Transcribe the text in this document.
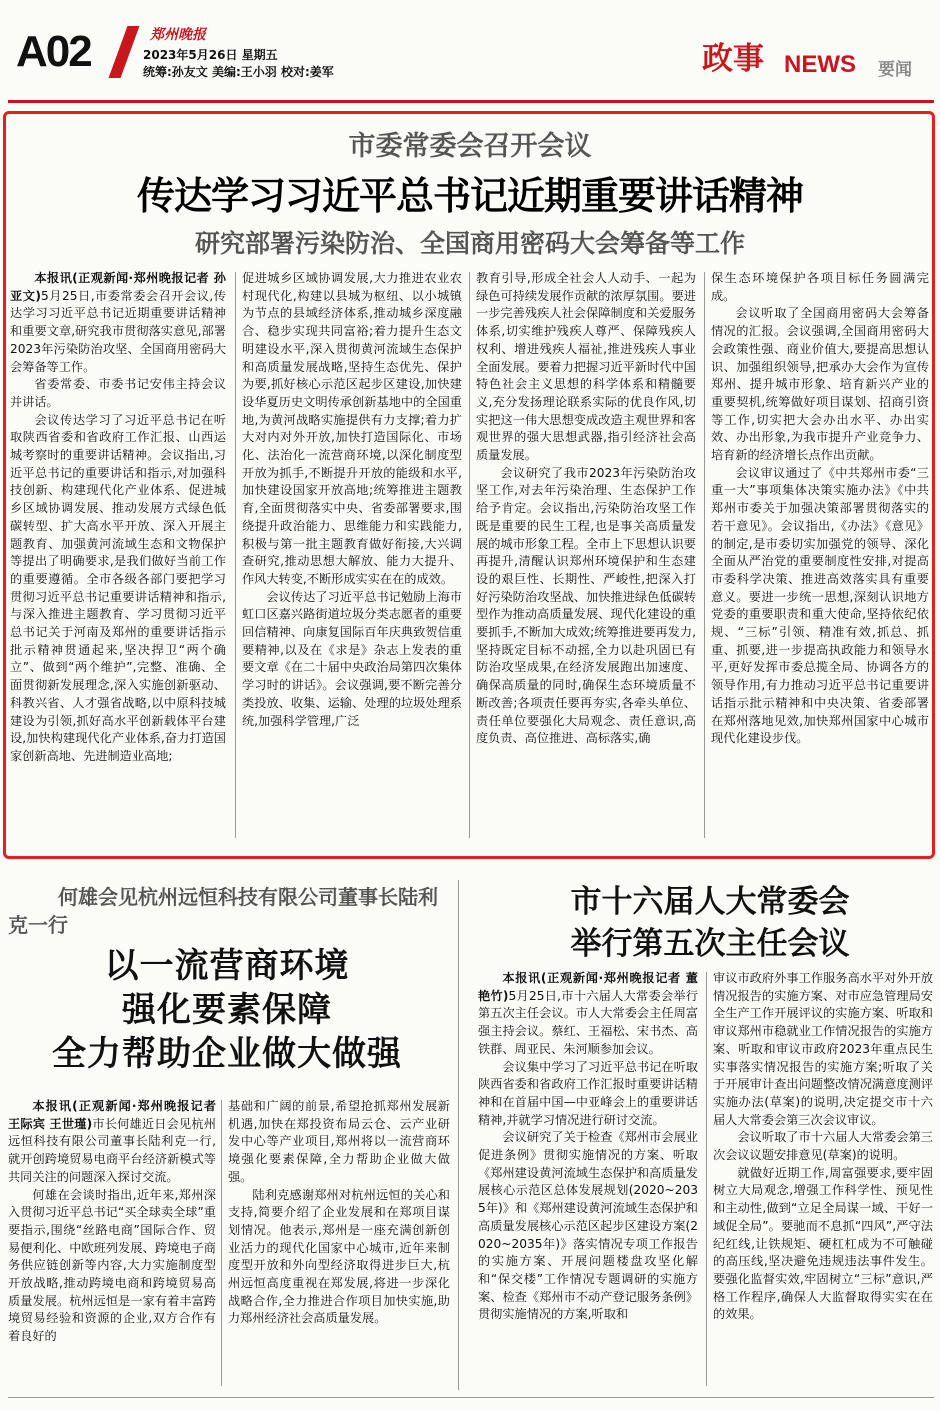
A02	郑州晚报
2023年5月26日 星期五
统筹:孙友文 美编:王小羽 校对:姜军	政事 NEWS 要闻
市委常委会召开会议
传达学习习近平总书记近期重要讲话精神
研究部署污染防治、全国商用密码大会筹备等工作

本报讯(正观新闻·郑州晚报记者 孙亚文)5月25日,市委常委会召开会议,传达学习习近平总书记近期重要讲话精神和重要文章,研究我市贯彻落实意见,部署2023年污染防治攻坚、全国商用密码大会筹备等工作。

省委常委、市委书记安伟主持会议并讲话。

会议传达学习了习近平总书记在听取陕西省委和省政府工作汇报、山西运城考察时的重要讲话精神。会议指出,习近平总书记的重要讲话和指示,对加强科技创新、构建现代化产业体系、促进城乡区域协调发展、推动发展方式绿色低碳转型、扩大高水平开放、深入开展主题教育、加强黄河流域生态和文物保护等提出了明确要求,是我们做好当前工作的重要遵循。全市各级各部门要把学习贯彻习近平总书记重要讲话精神和指示,与深入推进主题教育、学习贯彻习近平总书记关于河南及郑州的重要讲话指示批示精神贯通起来,坚决捍卫“两个确立”、做到“两个维护”,完整、准确、全面贯彻新发展理念,深入实施创新驱动、科教兴省、人才强省战略,以中原科技城建设为引领,抓好高水平创新载体平台建设,加快构建现代化产业体系,奋力打造国家创新高地、先进制造业高地;

促进城乡区域协调发展,大力推进农业农村现代化,构建以县城为枢纽、以小城镇为节点的县域经济体系,推动城乡深度融合、稳步实现共同富裕;着力提升生态文明建设水平,深入贯彻黄河流域生态保护和高质量发展战略,坚持生态优先、保护为要,抓好核心示范区起步区建设,加快建设华夏历史文明传承创新基地中的全国重地,为黄河战略实施提供有力支撑;着力扩大对内对外开放,加快打造国际化、市场化、法治化一流营商环境,以深化制度型开放为抓手,不断提升开放的能级和水平,加快建设国家开放高地;统筹推进主题教育,全面贯彻落实中央、省委部署要求,围绕提升政治能力、思维能力和实践能力,积极与第一批主题教育做好衔接,大兴调查研究,推动思想大解放、能力大提升、作风大转变,不断形成实实在在的成效。

会议传达了习近平总书记勉励上海市虹口区嘉兴路街道垃圾分类志愿者的重要回信精神、向康复国际百年庆典致贺信重要精神,以及在《求是》杂志上发表的重要文章《在二十届中央政治局第四次集体学习时的讲话》。会议强调,要不断完善分类投放、收集、运输、处理的垃圾处理系统,加强科学管理,广泛

教育引导,形成全社会人人动手、一起为绿色可持续发展作贡献的浓厚氛围。要进一步完善残疾人社会保障制度和关爱服务体系,切实维护残疾人尊严、保障残疾人权利、增进残疾人福祉,推进残疾人事业全面发展。要着力把握习近平新时代中国特色社会主义思想的科学体系和精髓要义,充分发扬理论联系实际的优良作风,切实把这一伟大思想变成改造主观世界和客观世界的强大思想武器,指引经济社会高质量发展。

会议研究了我市2023年污染防治攻坚工作,对去年污染治理、生态保护工作给予肯定。会议指出,污染防治攻坚工作既是重要的民生工程,也是事关高质量发展的城市形象工程。全市上下思想认识要再提升,清醒认识郑州环境保护和生态建设的艰巨性、长期性、严峻性,把深入打好污染防治攻坚战、加快推进绿色低碳转型作为推动高质量发展、现代化建设的重要抓手,不断加大成效;统筹推进要再发力,坚持既定目标不动摇,全力以赴巩固已有防治攻坚成果,在经济发展跑出加速度、确保高质量的同时,确保生态环境质量不断改善;各项责任要再夯实,各牵头单位、责任单位要强化大局观念、责任意识,高度负责、高位推进、高标落实,确

保生态环境保护各项目标任务圆满完成。

会议听取了全国商用密码大会筹备情况的汇报。会议强调,全国商用密码大会政策性强、商业价值大,要提高思想认识、加强组织领导,把承办大会作为宣传郑州、提升城市形象、培育新兴产业的重要契机,统筹做好项目谋划、招商引资等工作,切实把大会办出水平、办出实效、办出形象,为我市提升产业竞争力、培育新的经济增长点作出贡献。

会议审议通过了《中共郑州市委“三重一大”事项集体决策实施办法》《中共郑州市委关于加强决策部署贯彻落实的若干意见》。会议指出,《办法》《意见》的制定,是市委切实加强党的领导、深化全面从严治党的重要制度性安排,对提高市委科学决策、推进高效落实具有重要意义。要进一步统一思想,深刻认识地方党委的重要职责和重大使命,坚持依纪依规、“三标”引领、精准有效,抓总、抓重、抓要,进一步提高执政能力和领导水平,更好发挥市委总揽全局、协调各方的领导作用,有力推动习近平总书记重要讲话指示批示精神和中央决策、省委部署在郑州落地见效,加快郑州国家中心城市现代化建设步伐。

何雄会见杭州远恒科技有限公司董事长陆利克一行
以一流营商环境
强化要素保障
全力帮助企业做大做强

本报讯(正观新闻·郑州晚报记者 王际宾 王世瑾)市长何雄近日会见杭州远恒科技有限公司董事长陆利克一行,就开创跨境贸易电商平台经济新模式等共同关注的问题深入探讨交流。

何雄在会谈时指出,近年来,郑州深入贯彻习近平总书记“买全球卖全球”重要指示,围绕“丝路电商”国际合作、贸易便利化、中欧班列发展、跨境电子商务供应链创新等内容,大力实施制度型开放战略,推动跨境电商和跨境贸易高质量发展。杭州远恒是一家有着丰富跨境贸易经验和资源的企业,双方合作有着良好的

基础和广阔的前景,希望抢抓郑州发展新机遇,加快在郑投资布局云仓、云产业研发中心等产业项目,郑州将以一流营商环境强化要素保障,全力帮助企业做大做强。

陆利克感谢郑州对杭州远恒的关心和支持,简要介绍了企业发展和在郑项目谋划情况。他表示,郑州是一座充满创新创业活力的现代化国家中心城市,近年来制度型开放和外向型经济取得进步巨大,杭州远恒高度重视在郑发展,将进一步深化战略合作,全力推进合作项目加快实施,助力郑州经济社会高质量发展。

市十六届人大常委会
举行第五次主任会议

本报讯(正观新闻·郑州晚报记者 董艳竹)5月25日,市十六届人大常委会举行第五次主任会议。市人大常委会主任周富强主持会议。蔡红、王福松、宋书杰、高铁群、周亚民、朱河顺参加会议。

会议集中学习了习近平总书记在听取陕西省委和省政府工作汇报时重要讲话精神和在首届中国—中亚峰会上的重要讲话精神,并就学习情况进行研讨交流。

会议研究了关于检查《郑州市会展业促进条例》贯彻实施情况的方案、听取《郑州建设黄河流域生态保护和高质量发展核心示范区总体发展规划(2020~2035年)》和《郑州建设黄河流域生态保护和高质量发展核心示范区起步区建设方案(2020~2035年)》落实情况专项工作报告的实施方案、开展问题楼盘攻坚化解和“保交楼”工作情况专题调研的实施方案、检查《郑州市不动产登记服务条例》贯彻实施情况的方案,听取和

审议市政府外事工作服务高水平对外开放情况报告的实施方案、对市应急管理局安全生产工作开展评议的实施方案、听取和审议郑州市稳就业工作情况报告的实施方案、听取和审议市政府2023年重点民生实事落实情况报告的实施方案;听取了关于开展审计查出问题整改情况满意度测评实施办法(草案)的说明,决定提交市十六届人大常委会第三次会议审议。

会议听取了市十六届人大常委会第三次会议议题安排意见(草案)的说明。

就做好近期工作,周富强要求,要牢固树立大局观念,增强工作科学性、预见性和主动性,做到“立足全局谋一域、干好一域促全局”。要驰而不息抓“四风”,严守法纪红线,让铁规矩、硬杠杠成为不可触碰的高压线,坚决避免违规违法事件发生。要强化监督实效,牢固树立“三标”意识,严格工作程序,确保人大监督取得实实在在的效果。
